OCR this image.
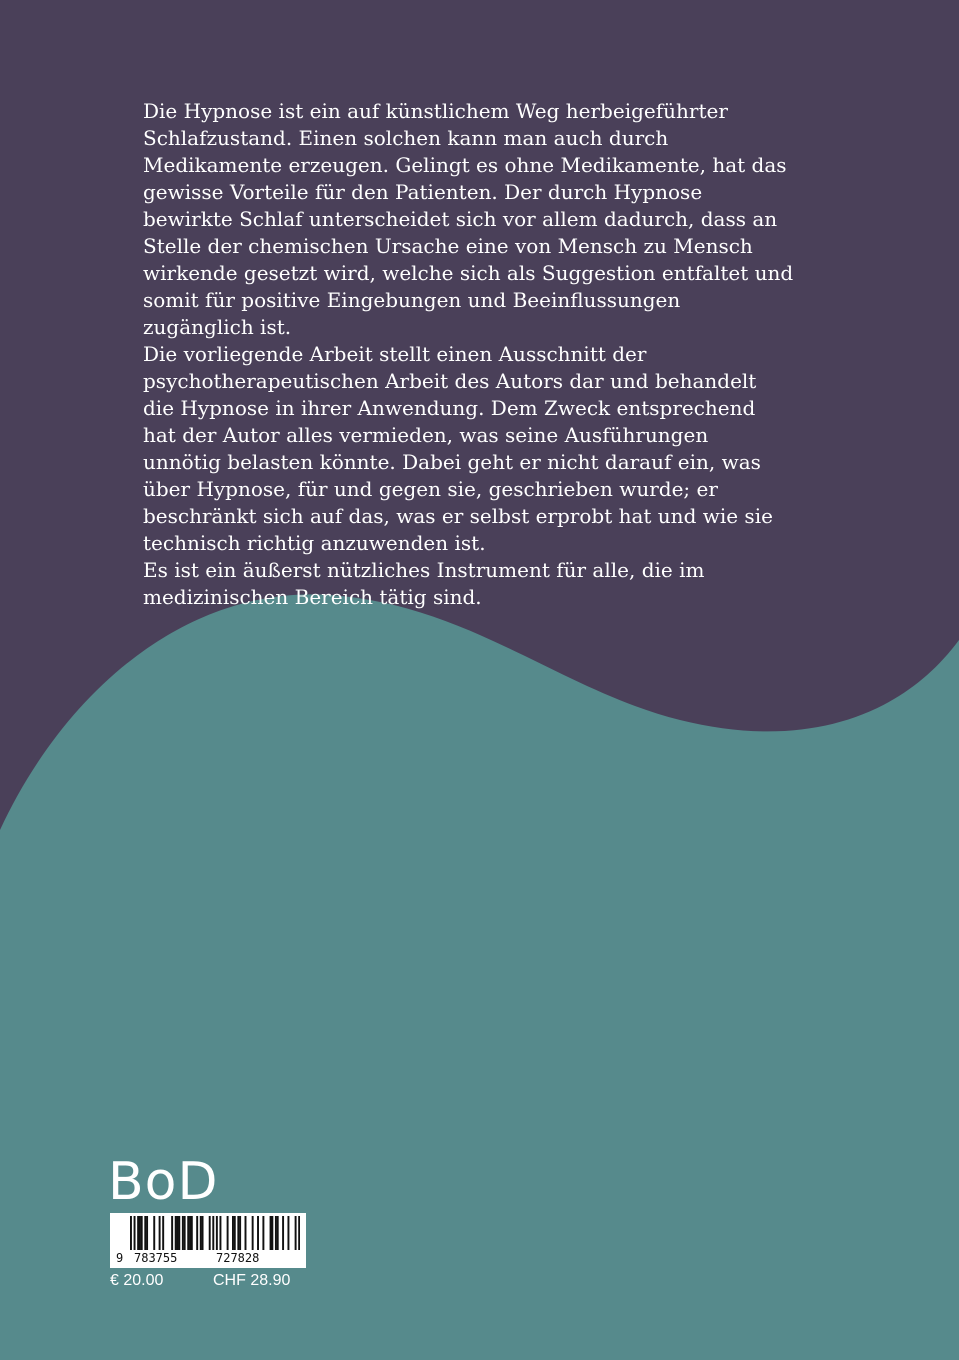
Die Hypnose ist ein auf künstlichem Weg herbeigeführter

Schlafzustand. Einen solchen kann man auch durch

Medikamente erzeugen. Gelingt es ohne Medikamente, hat das

gewisse Vorteile für den Patienten. Der durch Hypnose

bewirkte Schlaf unterscheidet sich vor allem dadurch, dass an

Stelle der chemischen Ursache eine von Mensch zu Mensch

wirkende gesetzt wird, welche sich als Suggestion entfaltet und

somit für positive Eingebungen und Beeinflussungen

zugänglich ist.

Die vorliegende Arbeit stellt einen Ausschnitt der

psychotherapeutischen Arbeit des Autors dar und behandelt

die Hypnose in ihrer Anwendung. Dem Zweck entsprechend

hat der Autor alles vermieden, was seine Ausführungen

unnötig belasten könnte. Dabei geht er nicht darauf ein, was

über Hypnose, für und gegen sie, geschrieben wurde; er

beschränkt sich auf das, was er selbst erprobt hat und wie sie

technisch richtig anzuwenden ist.

Es ist ein äußerst nützliches Instrument für alle, die im

medizinischen Bereich tätig sind.

BoD
9 783755	727828
€ 20.00	CHF 28.90
